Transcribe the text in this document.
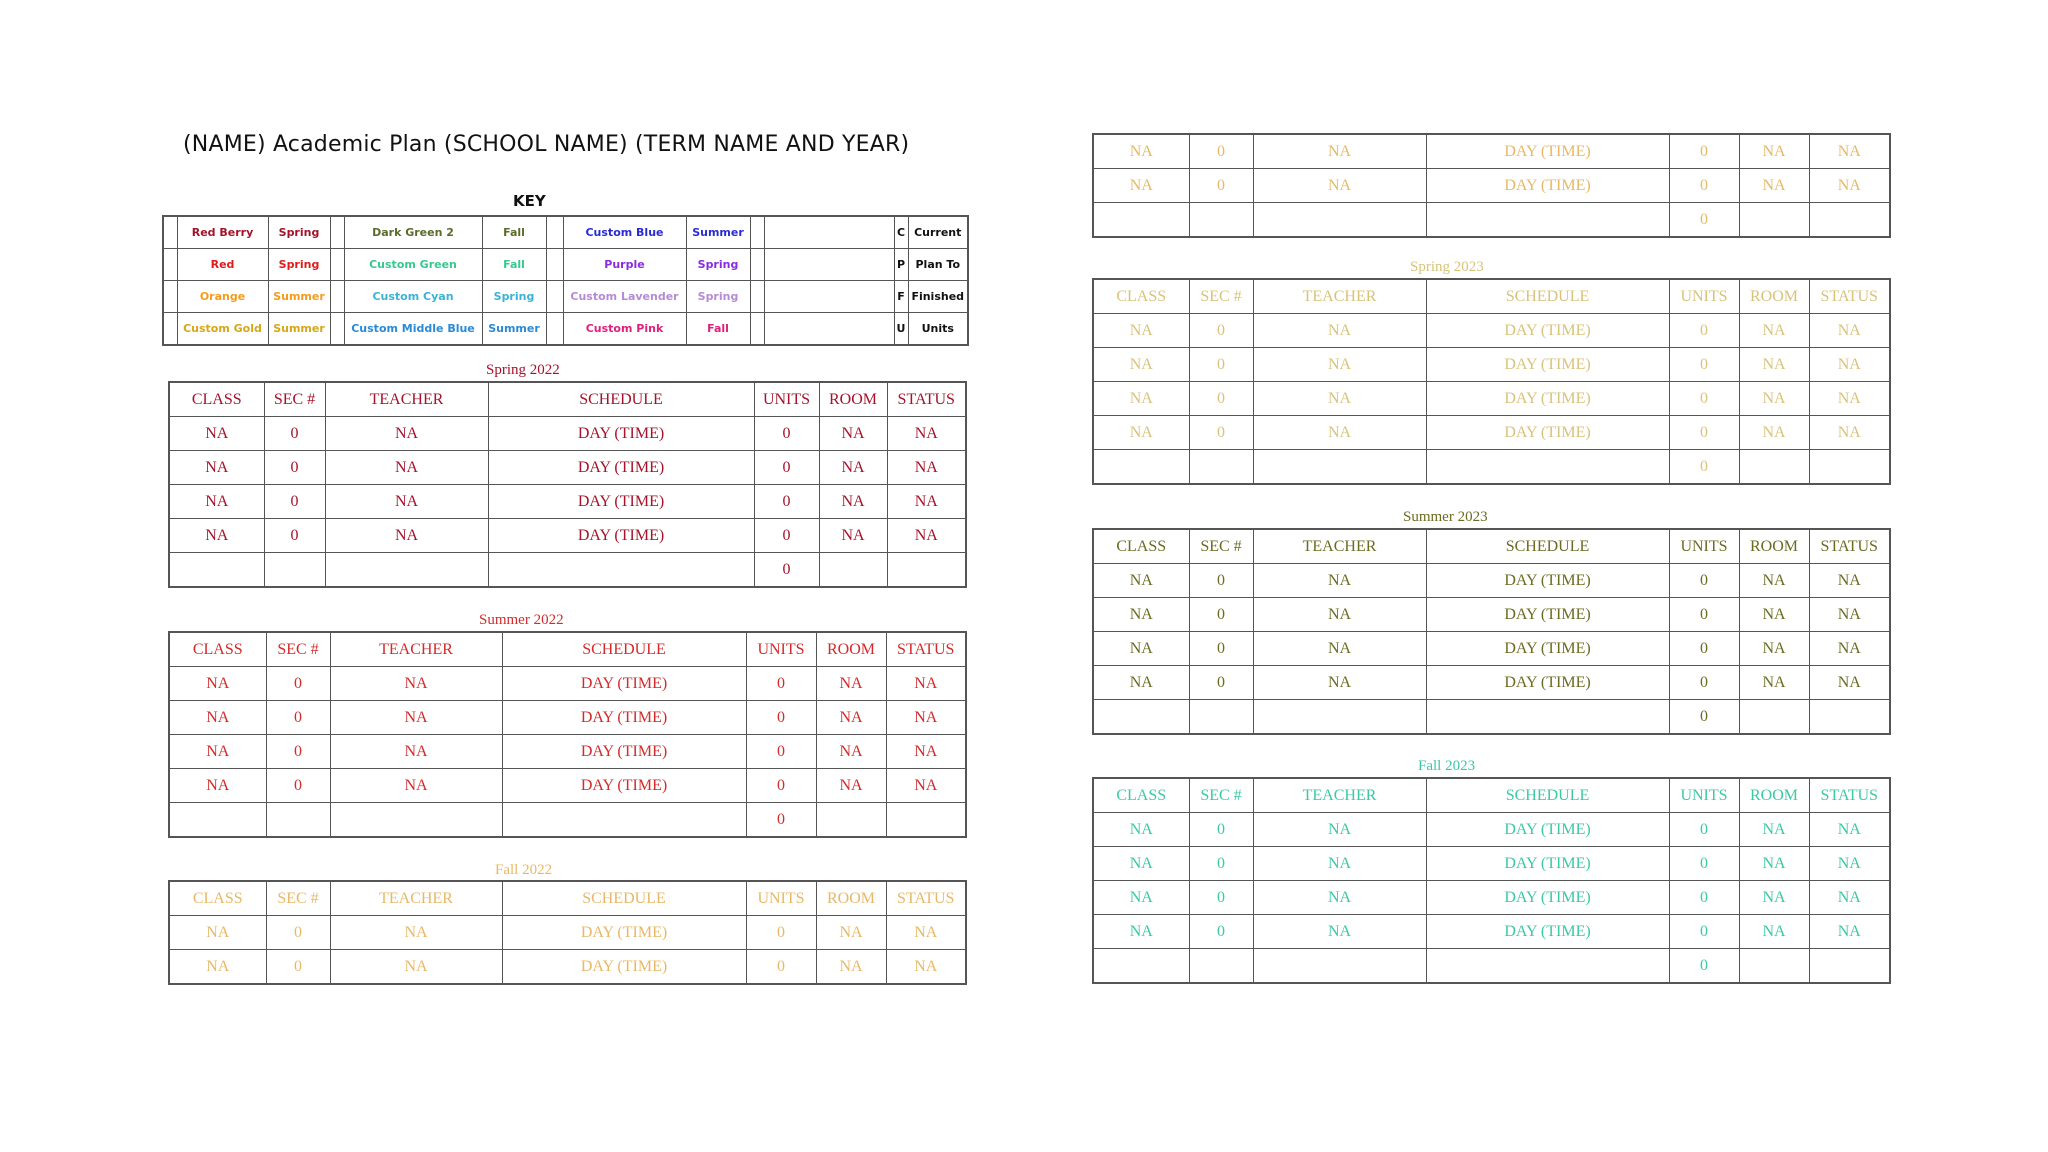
(NAME) Academic Plan (SCHOOL NAME) (TERM NAME AND YEAR)
KEY
	Red Berry	Spring		Dark Green 2	Fall		Custom Blue	Summer			C	Current
	Red	Spring		Custom Green	Fall		Purple	Spring			P	Plan To
	Orange	Summer		Custom Cyan	Spring		Custom Lavender	Spring			F	Finished
	Custom Gold	Summer		Custom Middle Blue	Summer		Custom Pink	Fall			U	Units
Spring 2022
CLASS	SEC #	TEACHER	SCHEDULE	UNITS	ROOM	STATUS
NA	0	NA	DAY (TIME)	0	NA	NA
NA	0	NA	DAY (TIME)	0	NA	NA
NA	0	NA	DAY (TIME)	0	NA	NA
NA	0	NA	DAY (TIME)	0	NA	NA
				0		
Summer 2022
CLASS	SEC #	TEACHER	SCHEDULE	UNITS	ROOM	STATUS
NA	0	NA	DAY (TIME)	0	NA	NA
NA	0	NA	DAY (TIME)	0	NA	NA
NA	0	NA	DAY (TIME)	0	NA	NA
NA	0	NA	DAY (TIME)	0	NA	NA
				0		
Fall 2022
CLASS	SEC #	TEACHER	SCHEDULE	UNITS	ROOM	STATUS
NA	0	NA	DAY (TIME)	0	NA	NA
NA	0	NA	DAY (TIME)	0	NA	NA
NA	0	NA	DAY (TIME)	0	NA	NA
NA	0	NA	DAY (TIME)	0	NA	NA
				0		
Spring 2023
CLASS	SEC #	TEACHER	SCHEDULE	UNITS	ROOM	STATUS
NA	0	NA	DAY (TIME)	0	NA	NA
NA	0	NA	DAY (TIME)	0	NA	NA
NA	0	NA	DAY (TIME)	0	NA	NA
NA	0	NA	DAY (TIME)	0	NA	NA
				0		
Summer 2023
CLASS	SEC #	TEACHER	SCHEDULE	UNITS	ROOM	STATUS
NA	0	NA	DAY (TIME)	0	NA	NA
NA	0	NA	DAY (TIME)	0	NA	NA
NA	0	NA	DAY (TIME)	0	NA	NA
NA	0	NA	DAY (TIME)	0	NA	NA
				0		
Fall 2023
CLASS	SEC #	TEACHER	SCHEDULE	UNITS	ROOM	STATUS
NA	0	NA	DAY (TIME)	0	NA	NA
NA	0	NA	DAY (TIME)	0	NA	NA
NA	0	NA	DAY (TIME)	0	NA	NA
NA	0	NA	DAY (TIME)	0	NA	NA
				0		
